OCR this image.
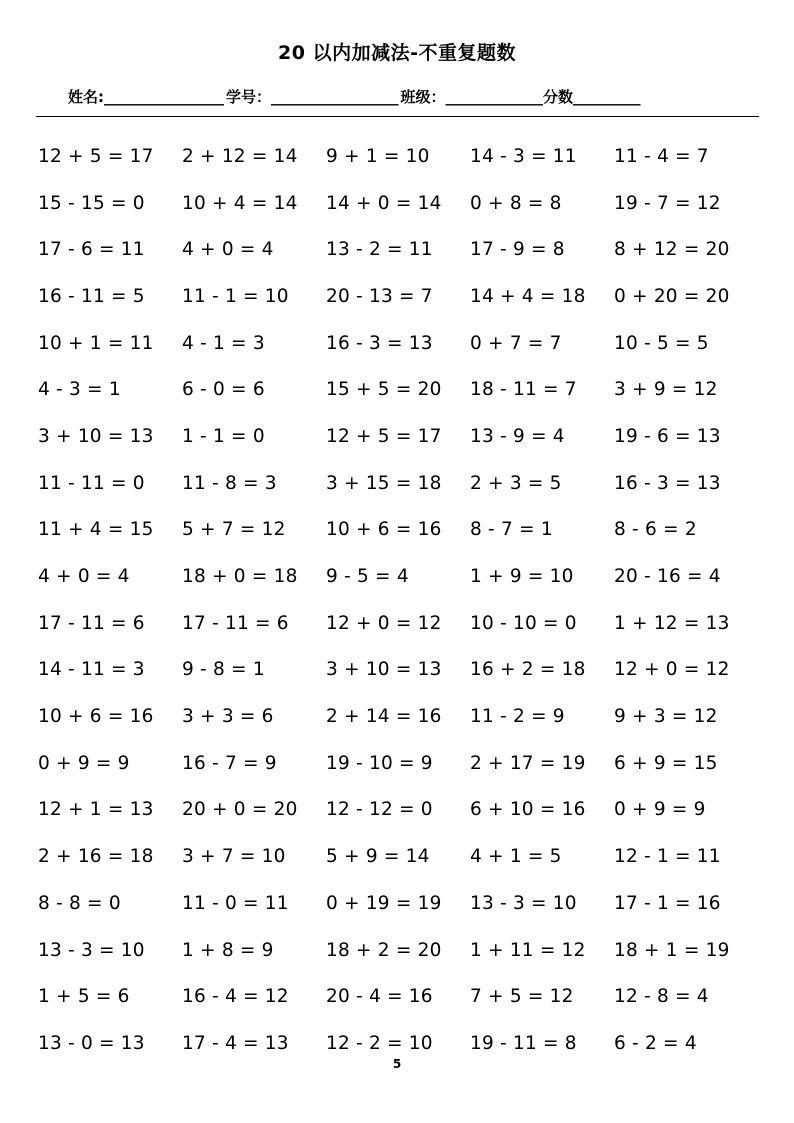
20 以内加减法-不重复题数
姓名:________________ 学号：_________________ 班级：_____________分数_________
12 + 5 = 17	2 + 12 = 14	9 + 1 = 10	14 - 3 = 11	11 - 4 = 7
15 - 15 = 0	10 + 4 = 14	14 + 0 = 14	0 + 8 = 8	19 - 7 = 12
17 - 6 = 11	4 + 0 = 4	13 - 2 = 11	17 - 9 = 8	8 + 12 = 20
16 - 11 = 5	11 - 1 = 10	20 - 13 = 7	14 + 4 = 18	0 + 20 = 20
10 + 1 = 11	4 - 1 = 3	16 - 3 = 13	0 + 7 = 7	10 - 5 = 5
4 - 3 = 1	6 - 0 = 6	15 + 5 = 20	18 - 11 = 7	3 + 9 = 12
3 + 10 = 13	1 - 1 = 0	12 + 5 = 17	13 - 9 = 4	19 - 6 = 13
11 - 11 = 0	11 - 8 = 3	3 + 15 = 18	2 + 3 = 5	16 - 3 = 13
11 + 4 = 15	5 + 7 = 12	10 + 6 = 16	8 - 7 = 1	8 - 6 = 2
4 + 0 = 4	18 + 0 = 18	9 - 5 = 4	1 + 9 = 10	20 - 16 = 4
17 - 11 = 6	17 - 11 = 6	12 + 0 = 12	10 - 10 = 0	1 + 12 = 13
14 - 11 = 3	9 - 8 = 1	3 + 10 = 13	16 + 2 = 18	12 + 0 = 12
10 + 6 = 16	3 + 3 = 6	2 + 14 = 16	11 - 2 = 9	9 + 3 = 12
0 + 9 = 9	16 - 7 = 9	19 - 10 = 9	2 + 17 = 19	6 + 9 = 15
12 + 1 = 13	20 + 0 = 20	12 - 12 = 0	6 + 10 = 16	0 + 9 = 9
2 + 16 = 18	3 + 7 = 10	5 + 9 = 14	4 + 1 = 5	12 - 1 = 11
8 - 8 = 0	11 - 0 = 11	0 + 19 = 19	13 - 3 = 10	17 - 1 = 16
13 - 3 = 10	1 + 8 = 9	18 + 2 = 20	1 + 11 = 12	18 + 1 = 19
1 + 5 = 6	16 - 4 = 12	20 - 4 = 16	7 + 5 = 12	12 - 8 = 4
13 - 0 = 13	17 - 4 = 13	12 - 2 = 10	19 - 11 = 8	6 - 2 = 4
5
